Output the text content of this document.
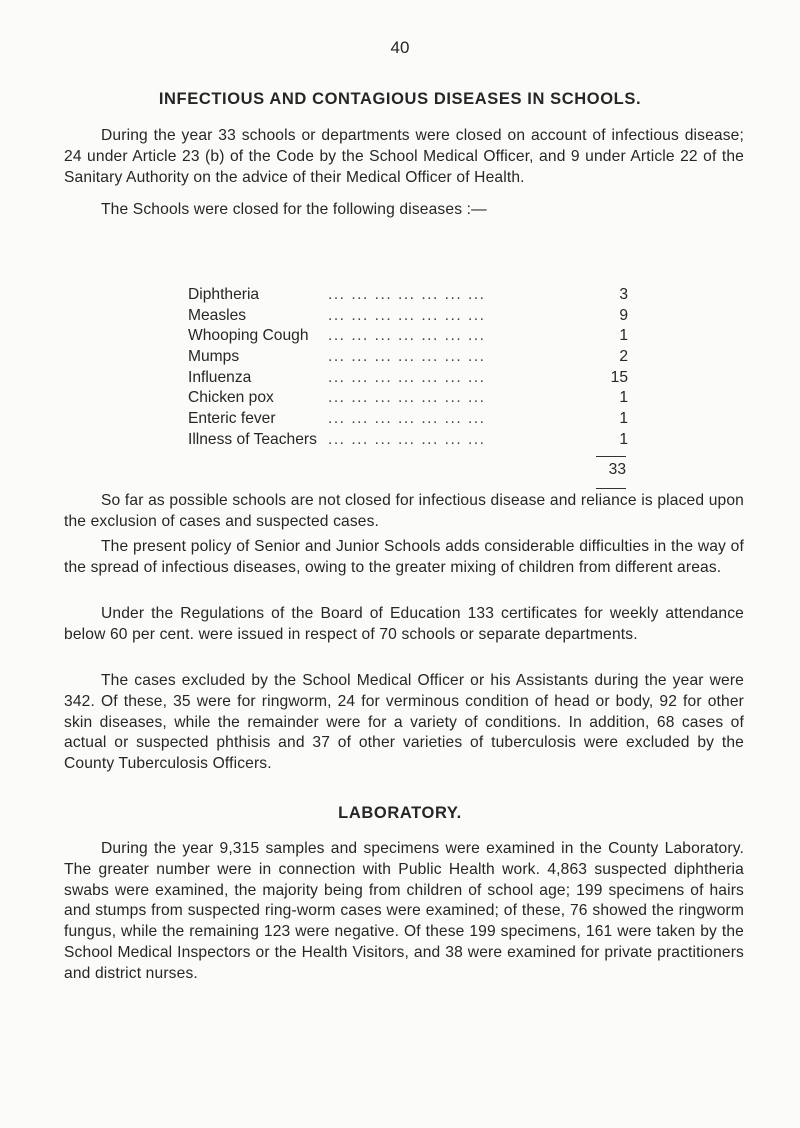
40
INFECTIOUS AND CONTAGIOUS DISEASES IN SCHOOLS.
During the year 33 schools or departments were closed on account of infectious disease; 24 under Article 23 (b) of the Code by the School Medical Officer, and 9 under Article 22 of the Sanitary Authority on the advice of their Medical Officer of Health.
The Schools were closed for the following diseases :—
... ... ... ... ... ... ...
Diphtheria	3
... ... ... ... ... ... ...
Measles	9
... ... ... ... ... ... ...
Whooping Cough	1
... ... ... ... ... ... ...
Mumps	2
... ... ... ... ... ... ...
Influenza	15
... ... ... ... ... ... ...
Chicken pox	1
... ... ... ... ... ... ...
Enteric fever	1
... ... ... ... ... ... ...
Illness of Teachers	1
33
So far as possible schools are not closed for infectious disease and reliance is placed upon the exclusion of cases and suspected cases.
The present policy of Senior and Junior Schools adds considerable difficulties in the way of the spread of infectious diseases, owing to the greater mixing of children from different areas.
Under the Regulations of the Board of Education 133 certificates for weekly attendance below 60 per cent. were issued in respect of 70 schools or separate departments.
The cases excluded by the School Medical Officer or his Assistants during the year were 342. Of these, 35 were for ringworm, 24 for verminous condition of head or body, 92 for other skin diseases, while the remainder were for a variety of conditions. In addition, 68 cases of actual or suspected phthisis and 37 of other varieties of tuberculosis were excluded by the County Tuberculosis Officers.
LABORATORY.
During the year 9,315 samples and specimens were examined in the County Laboratory. The greater number were in connection with Public Health work. 4,863 suspected diphtheria swabs were examined, the majority being from children of school age; 199 specimens of hairs and stumps from suspected ring-worm cases were examined; of these, 76 showed the ringworm fungus, while the remaining 123 were negative. Of these 199 specimens, 161 were taken by the School Medical Inspectors or the Health Visitors, and 38 were examined for private practitioners and district nurses.
